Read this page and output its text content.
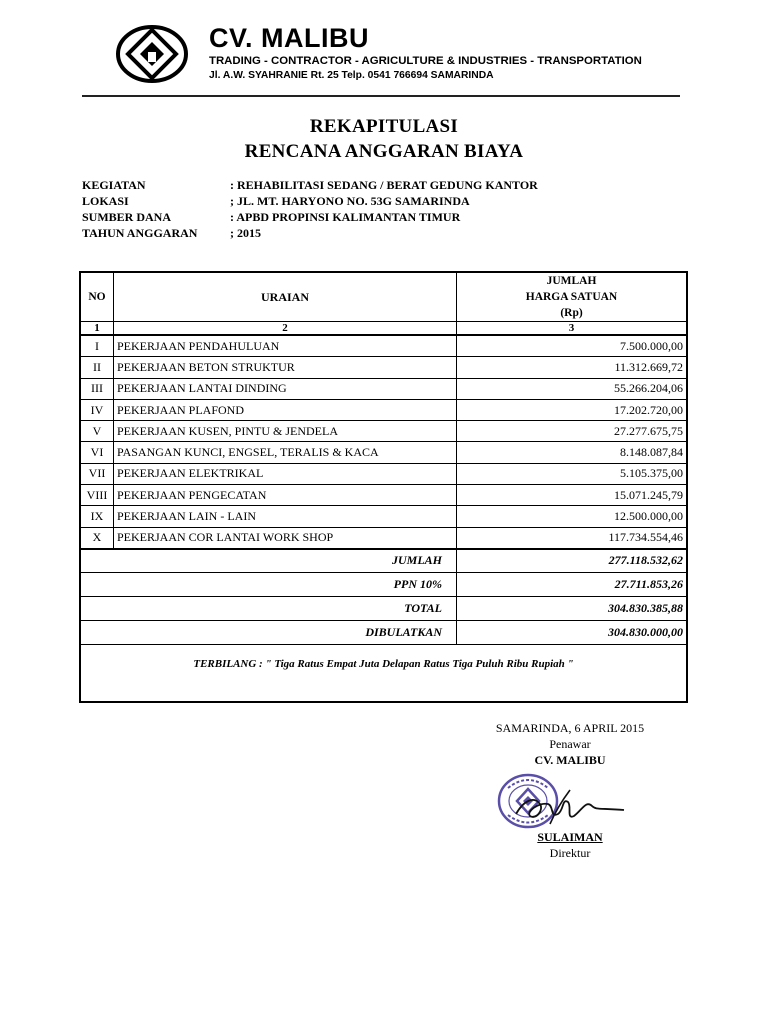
CV. MALIBU
TRADING - CONTRACTOR - AGRICULTURE & INDUSTRIES - TRANSPORTATION
Jl. A.W. SYAHRANIE Rt. 25 Telp. 0541 766694 SAMARINDA
REKAPITULASI
RENCANA ANGGARAN BIAYA
KEGIATAN	: REHABILITASI SEDANG / BERAT GEDUNG KANTOR
LOKASI	; JL. MT. HARYONO NO. 53G SAMARINDA
SUMBER DANA	: APBD PROPINSI KALIMANTAN TIMUR
TAHUN ANGGARAN	; 2015
NO	URAIAN
JUMLAH
HARGA SATUAN
(Rp)
1	2	3
I	PEKERJAAN PENDAHULUAN	7.500.000,00
II	PEKERJAAN BETON STRUKTUR	11.312.669,72
III	PEKERJAAN LANTAI DINDING	55.266.204,06
IV	PEKERJAAN PLAFOND	17.202.720,00
V	PEKERJAAN KUSEN, PINTU & JENDELA	27.277.675,75
VI	PASANGAN KUNCI, ENGSEL, TERALIS & KACA	8.148.087,84
VII PEKERJAAN ELEKTRIKAL	5.105.375,00
VIII PEKERJAAN PENGECATAN	15.071.245,79
IX	PEKERJAAN LAIN - LAIN	12.500.000,00
X	PEKERJAAN COR LANTAI WORK SHOP	117.734.554,46
JUMLAH	277.118.532,62
PPN 10%	27.711.853,26
TOTAL	304.830.385,88
DIBULATKAN	304.830.000,00
TERBILANG : " Tiga Ratus Empat Juta Delapan Ratus Tiga Puluh Ribu Rupiah "
SAMARINDA, 6 APRIL 2015
Penawar
CV. MALIBU
SULAIMAN
Direktur
